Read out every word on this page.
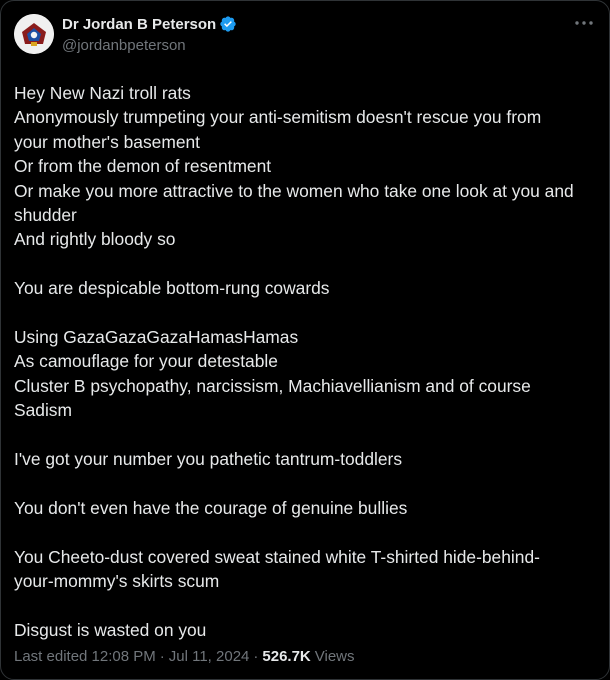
Dr Jordan B Peterson
@jordanbpeterson

Hey New Nazi troll rats

Anonymously trumpeting your anti-semitism doesn't rescue you from

your mother's basement

Or from the demon of resentment

Or make you more attractive to the women who take one look at you and

shudder

And rightly bloody so

You are despicable bottom-rung cowards

Using GazaGazaGazaHamasHamas

As camouflage for your detestable

Cluster B psychopathy, narcissism, Machiavellianism and of course

Sadism

I've got your number you pathetic tantrum-toddlers

You don't even have the courage of genuine bullies

You Cheeto-dust covered sweat stained white T-shirted hide-behind-

your-mommy's skirts scum

Disgust is wasted on you

Last edited 12:08 PM · Jul 11, 2024 · 526.7K Views
